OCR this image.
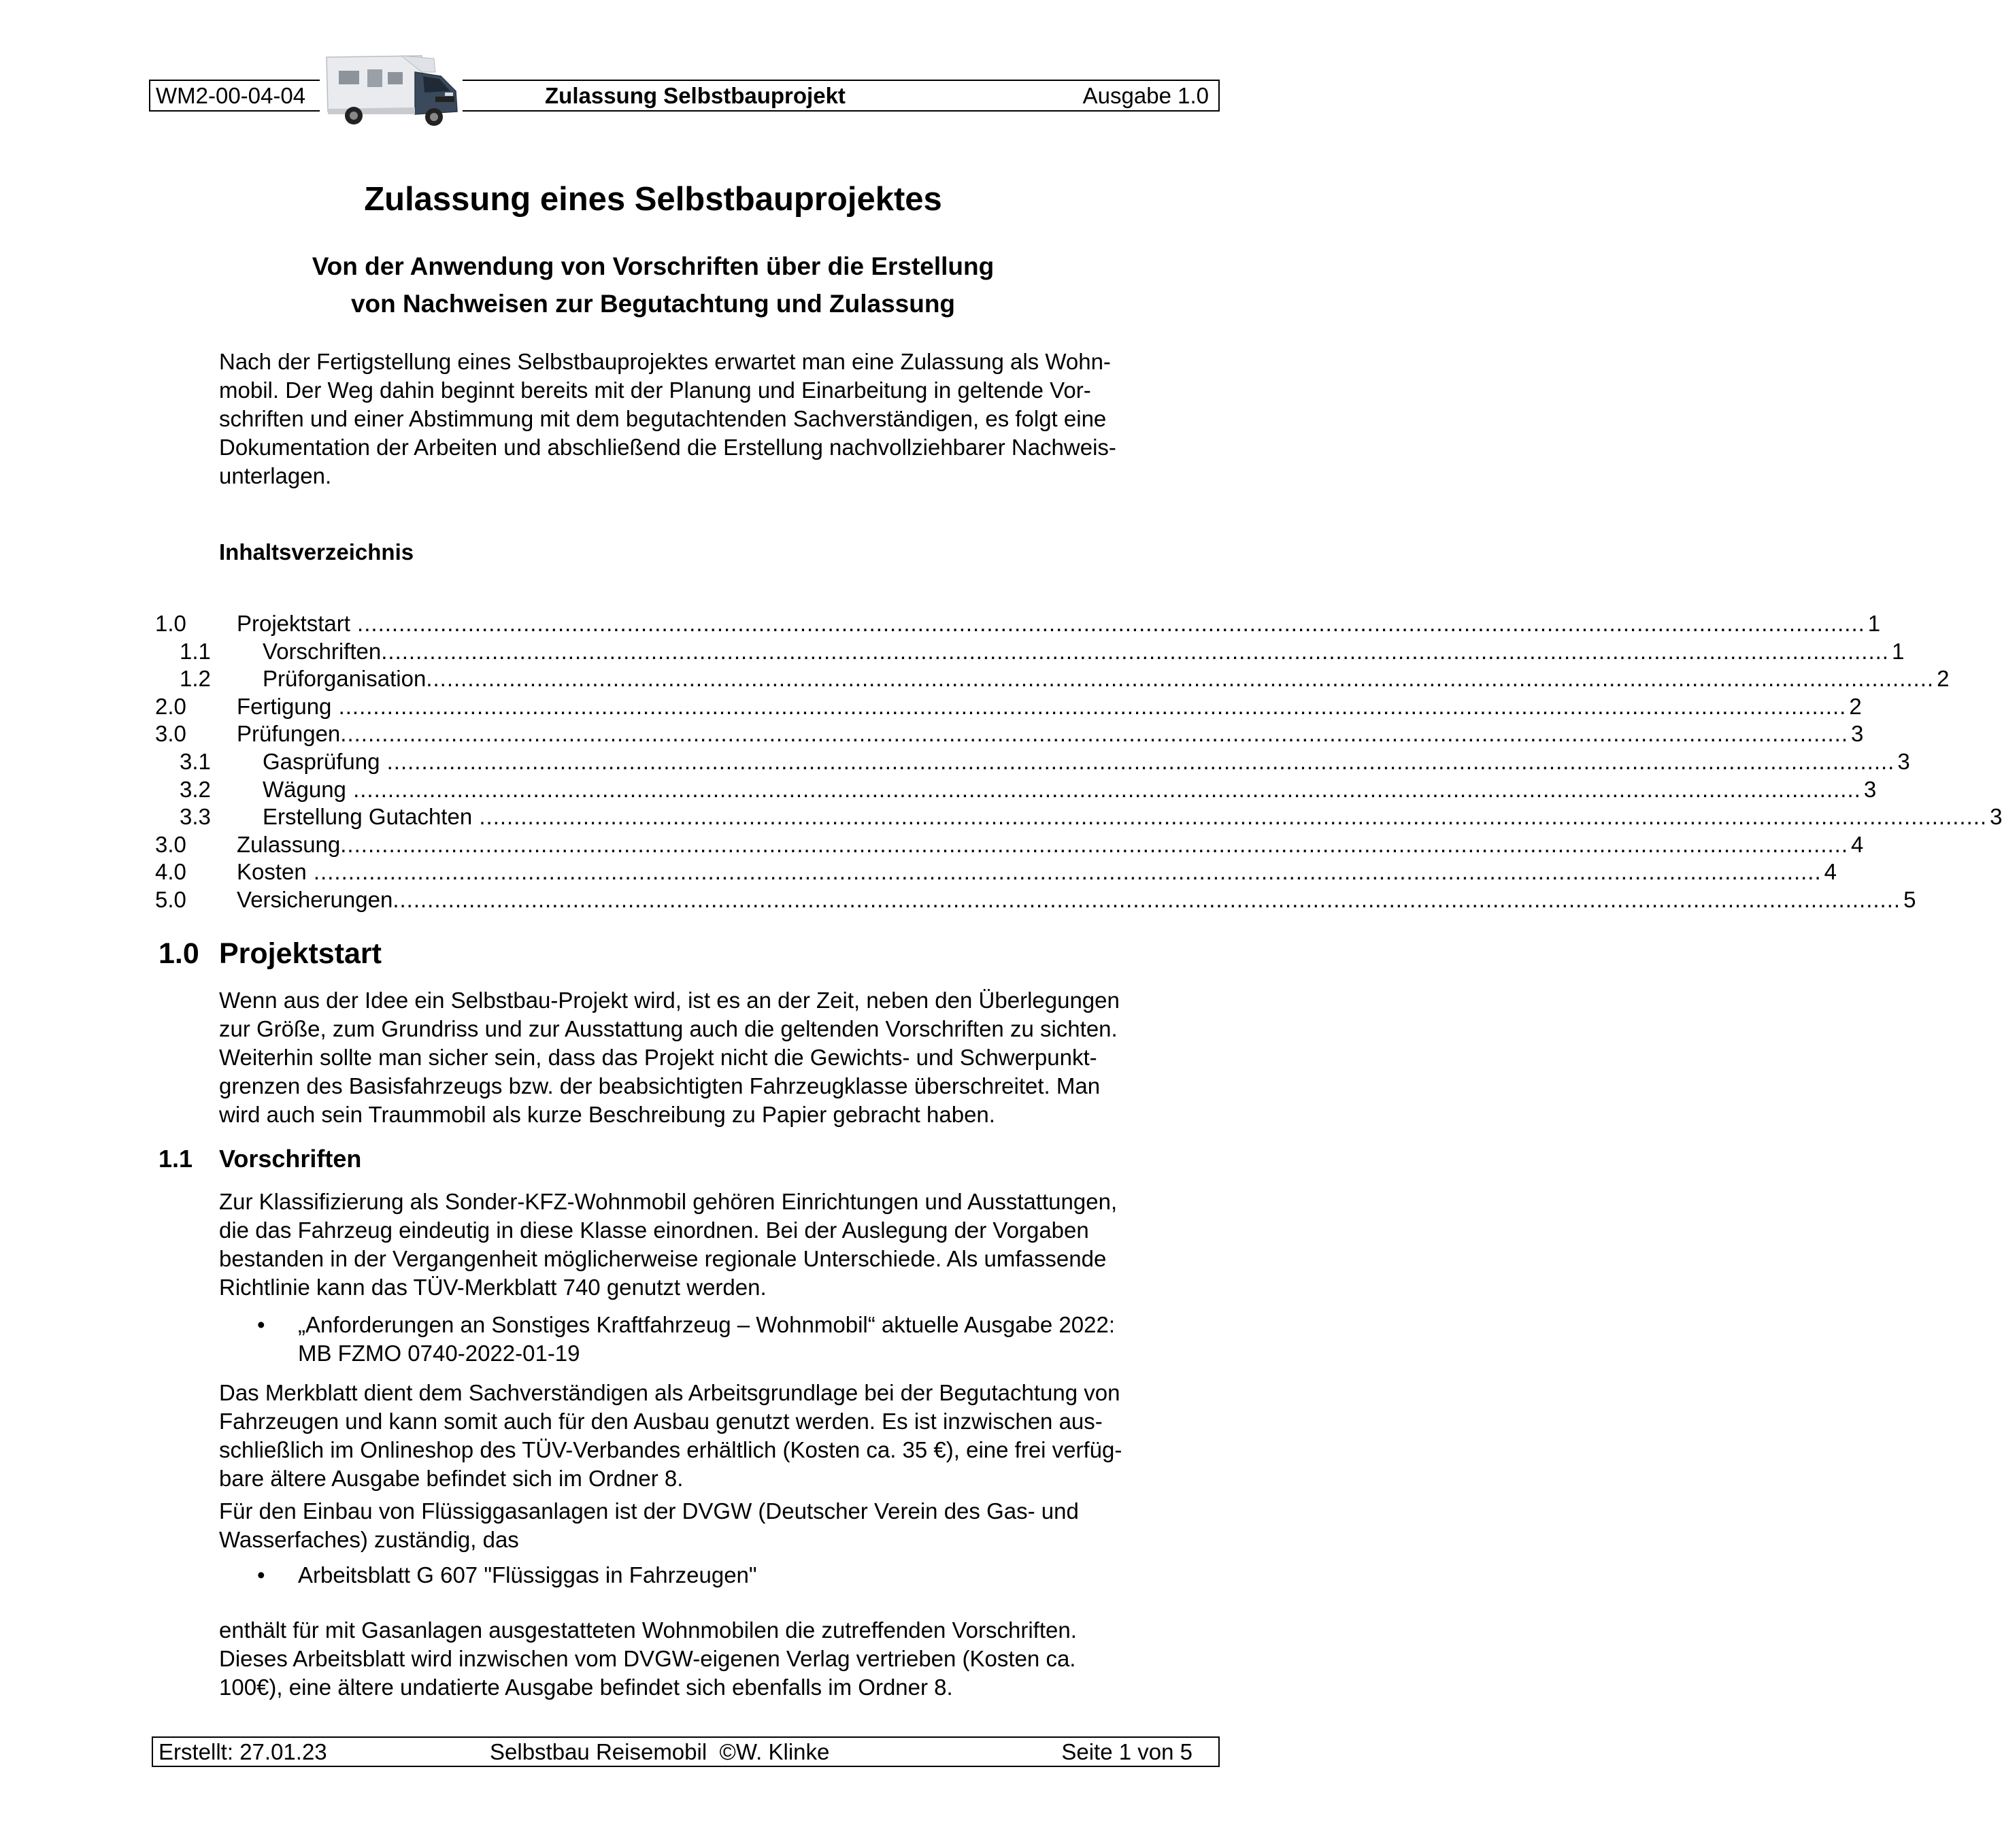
WM2-00-04-04	Zulassung Selbstbauprojekt	Ausgabe 1.0
Zulassung eines Selbstbauprojektes
Von der Anwendung von Vorschriften über die Erstellung
von Nachweisen zur Begutachtung und Zulassung

Nach der Fertigstellung eines Selbstbauprojektes erwartet man eine Zulassung als Wohn-

mobil. Der Weg dahin beginnt bereits mit der Planung und Einarbeitung in geltende Vor-

schriften und einer Abstimmung mit dem begutachtenden Sachverständigen, es folgt eine

Dokumentation der Arbeiten und abschließend die Erstellung nachvollziehbarer Nachweis-

unterlagen.

Inhaltsverzeichnis
1.0	Projektstart .......................................................................................................................................................................................................................... 1
1.1	Vorschriften .......................................................................................................................................................................................................................... 1
1.2	Prüforganisation .......................................................................................................................................................................................................................... 2
2.0	Fertigung .......................................................................................................................................................................................................................... 2
3.0	Prüfungen .......................................................................................................................................................................................................................... 3
3.1	Gasprüfung .......................................................................................................................................................................................................................... 3
3.2	Wägung .......................................................................................................................................................................................................................... 3
3.3	Erstellung Gutachten .......................................................................................................................................................................................................................... 3
3.0	Zulassung .......................................................................................................................................................................................................................... 4
4.0	Kosten .......................................................................................................................................................................................................................... 4
5.0	Versicherungen .......................................................................................................................................................................................................................... 5
1.0 Projektstart

Wenn aus der Idee ein Selbstbau-Projekt wird, ist es an der Zeit, neben den Überlegungen

zur Größe, zum Grundriss und zur Ausstattung auch die geltenden Vorschriften zu sichten.

Weiterhin sollte man sicher sein, dass das Projekt nicht die Gewichts- und Schwerpunkt-

grenzen des Basisfahrzeugs bzw. der beabsichtigten Fahrzeugklasse überschreitet. Man

wird auch sein Traummobil als kurze Beschreibung zu Papier gebracht haben.

1.1 Vorschriften

Zur Klassifizierung als Sonder-KFZ-Wohnmobil gehören Einrichtungen und Ausstattungen,

die das Fahrzeug eindeutig in diese Klasse einordnen. Bei der Auslegung der Vorgaben

bestanden in der Vergangenheit möglicherweise regionale Unterschiede. Als umfassende

Richtlinie kann das TÜV-Merkblatt 740 genutzt werden.

• „Anforderungen an Sonstiges Kraftfahrzeug – Wohnmobil“ aktuelle Ausgabe 2022:
MB FZMO 0740-2022-01-19

Das Merkblatt dient dem Sachverständigen als Arbeitsgrundlage bei der Begutachtung von

Fahrzeugen und kann somit auch für den Ausbau genutzt werden. Es ist inzwischen aus-

schließlich im Onlineshop des TÜV-Verbandes erhältlich (Kosten ca. 35 €), eine frei verfüg-

bare ältere Ausgabe befindet sich im Ordner 8.

Für den Einbau von Flüssiggasanlagen ist der DVGW (Deutscher Verein des Gas- und

Wasserfaches) zuständig, das

• Arbeitsblatt G 607 "Flüssiggas in Fahrzeugen"

enthält für mit Gasanlagen ausgestatteten Wohnmobilen die zutreffenden Vorschriften.

Dieses Arbeitsblatt wird inzwischen vom DVGW-eigenen Verlag vertrieben (Kosten ca.

100€), eine ältere undatierte Ausgabe befindet sich ebenfalls im Ordner 8.

Erstellt: 27.01.23	Selbstbau Reisemobil  ©W. Klinke	Seite 1 von 5
